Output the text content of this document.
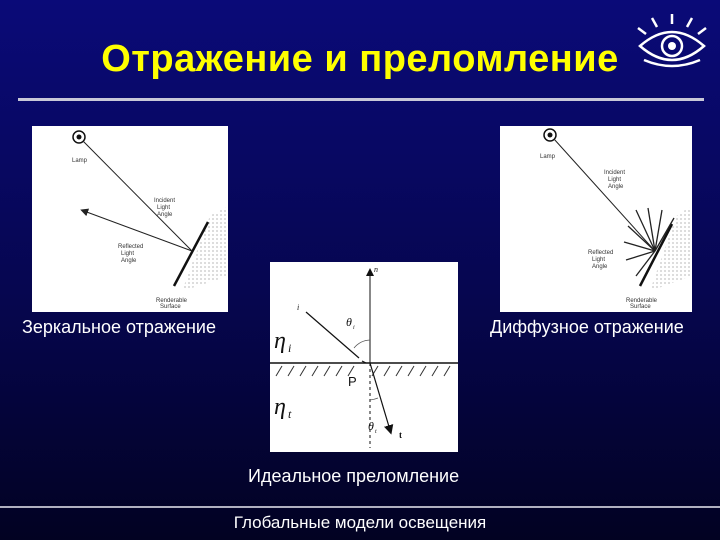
Отражение и преломление
Lamp
Incident
Light
Angle
Reflected
Light
Angle
Renderable
Surface
Lamp
Incident
Light
Angle
Reflected
Light
Angle
Renderable
Surface
n
i
t
η i
η t
θ i
θ t
P
Зеркальное отражение	Диффузное отражение
Идеальное преломление
Глобальные модели освещения
